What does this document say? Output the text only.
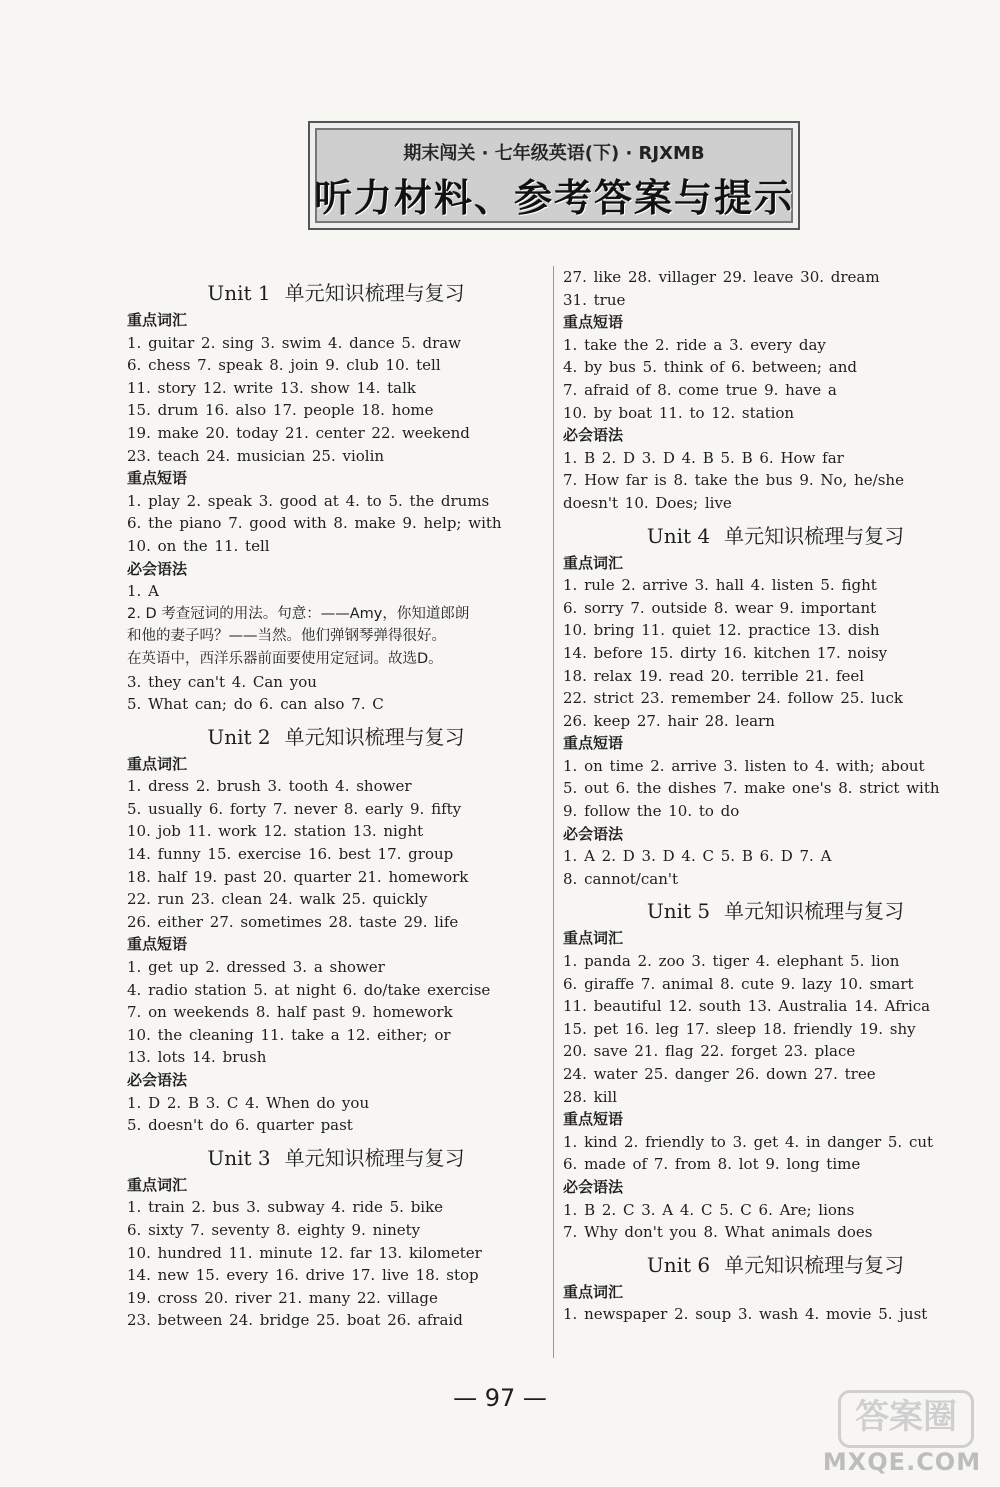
期末闯关 · 七年级英语(下) · RJXMB
听力材料、参考答案与提示
Unit 1 单元知识梳理与复习
重点词汇
1. guitar 2. sing 3. swim 4. dance 5. draw
6. chess 7. speak 8. join 9. club 10. tell
11. story 12. write 13. show 14. talk
15. drum 16. also 17. people 18. home
19. make 20. today 21. center 22. weekend
23. teach 24. musician 25. violin
重点短语
1. play 2. speak 3. good at 4. to 5. the drums
6. the piano 7. good with 8. make 9. help; with
10. on the 11. tell
必会语法
1. A
2. D 考查冠词的用法。句意：——Amy，你知道郎朗
和他的妻子吗？——当然。他们弹钢琴弹得很好。
在英语中，西洋乐器前面要使用定冠词。故选D。
3. they can't 4. Can you
5. What can; do 6. can also 7. C
Unit 2 单元知识梳理与复习
重点词汇
1. dress 2. brush 3. tooth 4. shower
5. usually 6. forty 7. never 8. early 9. fifty
10. job 11. work 12. station 13. night
14. funny 15. exercise 16. best 17. group
18. half 19. past 20. quarter 21. homework
22. run 23. clean 24. walk 25. quickly
26. either 27. sometimes 28. taste 29. life
重点短语
1. get up 2. dressed 3. a shower
4. radio station 5. at night 6. do/take exercise
7. on weekends 8. half past 9. homework
10. the cleaning 11. take a 12. either; or
13. lots 14. brush
必会语法
1. D 2. B 3. C 4. When do you
5. doesn't do 6. quarter past
Unit 3 单元知识梳理与复习
重点词汇
1. train 2. bus 3. subway 4. ride 5. bike
6. sixty 7. seventy 8. eighty 9. ninety
10. hundred 11. minute 12. far 13. kilometer
14. new 15. every 16. drive 17. live 18. stop
19. cross 20. river 21. many 22. village
23. between 24. bridge 25. boat 26. afraid
27. like 28. villager 29. leave 30. dream
31. true
重点短语
1. take the 2. ride a 3. every day
4. by bus 5. think of 6. between; and
7. afraid of 8. come true 9. have a
10. by boat 11. to 12. station
必会语法
1. B 2. D 3. D 4. B 5. B 6. How far
7. How far is 8. take the bus 9. No, he/she
doesn't 10. Does; live
Unit 4 单元知识梳理与复习
重点词汇
1. rule 2. arrive 3. hall 4. listen 5. fight
6. sorry 7. outside 8. wear 9. important
10. bring 11. quiet 12. practice 13. dish
14. before 15. dirty 16. kitchen 17. noisy
18. relax 19. read 20. terrible 21. feel
22. strict 23. remember 24. follow 25. luck
26. keep 27. hair 28. learn
重点短语
1. on time 2. arrive 3. listen to 4. with; about
5. out 6. the dishes 7. make one's 8. strict with
9. follow the 10. to do
必会语法
1. A 2. D 3. D 4. C 5. B 6. D 7. A
8. cannot/can't
Unit 5 单元知识梳理与复习
重点词汇
1. panda 2. zoo 3. tiger 4. elephant 5. lion
6. giraffe 7. animal 8. cute 9. lazy 10. smart
11. beautiful 12. south 13. Australia 14. Africa
15. pet 16. leg 17. sleep 18. friendly 19. shy
20. save 21. flag 22. forget 23. place
24. water 25. danger 26. down 27. tree
28. kill
重点短语
1. kind 2. friendly to 3. get 4. in danger 5. cut
6. made of 7. from 8. lot 9. long time
必会语法
1. B 2. C 3. A 4. C 5. C 6. Are; lions
7. Why don't you 8. What animals does
Unit 6 单元知识梳理与复习
重点词汇
1. newspaper 2. soup 3. wash 4. movie 5. just
— 97 —	答案圈
MXQE.COM
